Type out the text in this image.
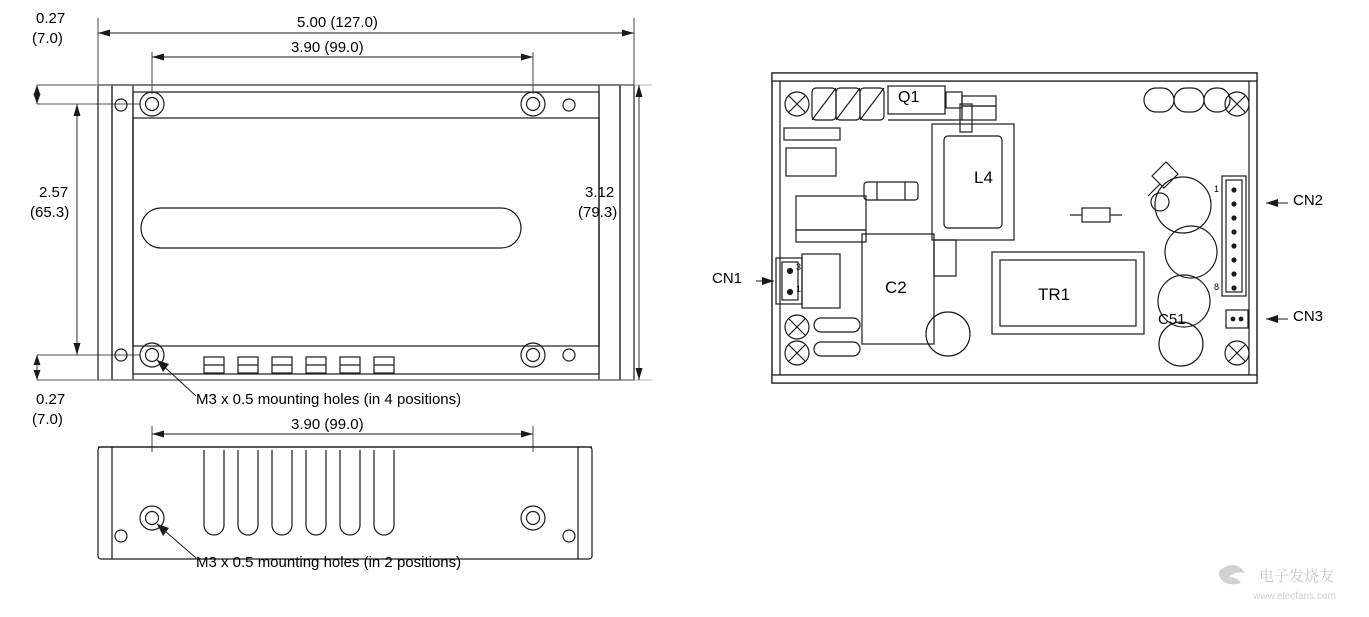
0.27
(7.0)
5.00 (127.0)
3.90 (99.0)
2.57
(65.3)
3.12
(79.3)
0.27
(7.0)
M3 x 0.5 mounting holes (in 4 positions)
3.90 (99.0)
M3 x 0.5 mounting holes (in 2 positions)
Q1
L4
C2	TR1
C51
CN1
3
1
CN2
1
8
CN3
电子发烧友
www.elecfans.com
